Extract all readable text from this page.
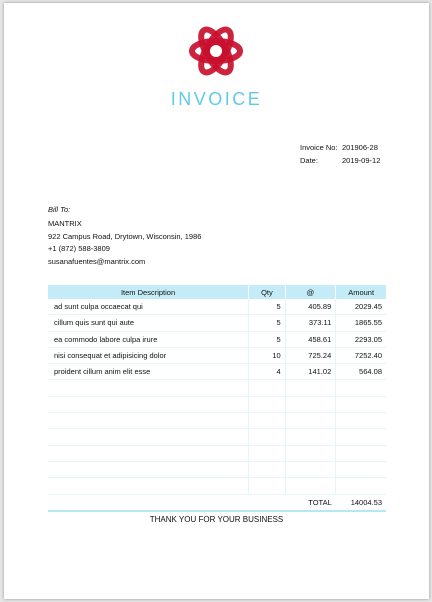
INVOICE
Invoice No: 201906-28
Date:	2019-09-12
Bill To:
MANTRIX
922 Campus Road, Drytown, Wisconsin, 1986
+1 (872) 588-3809
susanafuentes@mantrix.com
Item Description	Qty	@	Amount
ad sunt culpa occaecat qui	5	405.89	2029.45
cillum quis sunt qui aute	5	373.11	1865.55
ea commodo labore culpa irure	5	458.61	2293.05
nisi consequat et adipisicing dolor	10	725.24	7252.40
proident cillum anim elit esse	4	141.02	564.08

		TOTAL	14004.53
THANK YOU FOR YOUR BUSINESS
